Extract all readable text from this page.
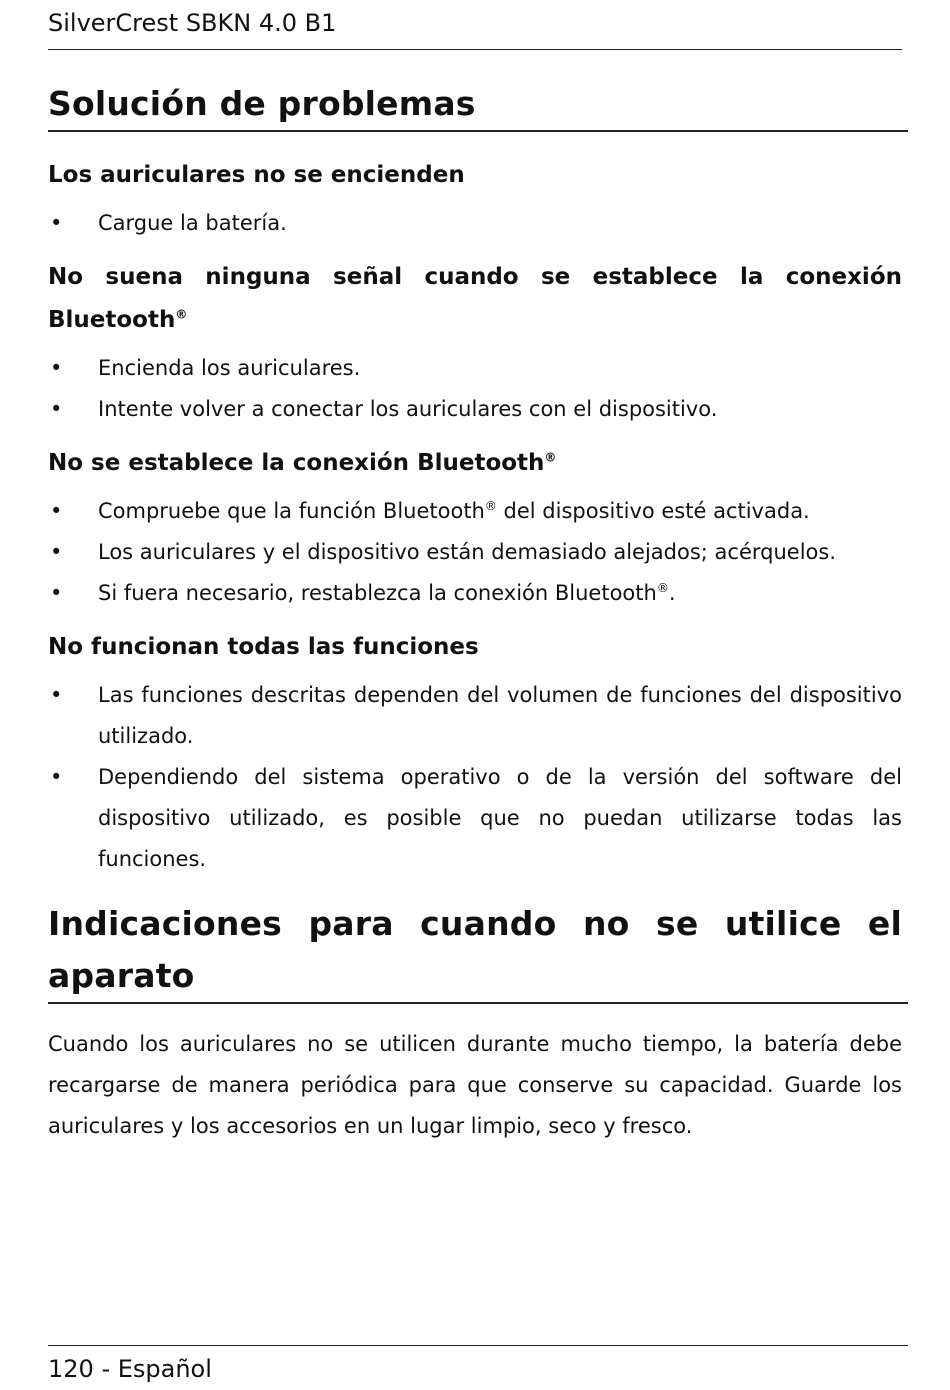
SilverCrest SBKN 4.0 B1
Solución de problemas
Los auriculares no se encienden
• Cargue la batería.
No suena ninguna señal cuando se establece la conexión Bluetooth®
• Encienda los auriculares.
• Intente volver a conectar los auriculares con el dispositivo.
No se establece la conexión Bluetooth®
• Compruebe que la función Bluetooth® del dispositivo esté activada.
• Los auriculares y el dispositivo están demasiado alejados; acérquelos.
• Si fuera necesario, restablezca la conexión Bluetooth®.
No funcionan todas las funciones
• Las funciones descritas dependen del volumen de funciones del dispositivo utilizado.
• Dependiendo del sistema operativo o de la versión del software del dispositivo utilizado, es posible que no puedan utilizarse todas las funciones.
Indicaciones para cuando no se utilice el aparato

Cuando los auriculares no se utilicen durante mucho tiempo, la batería debe recargarse de manera periódica para que conserve su capacidad. Guarde los auriculares y los accesorios en un lugar limpio, seco y fresco.

120 - Español
